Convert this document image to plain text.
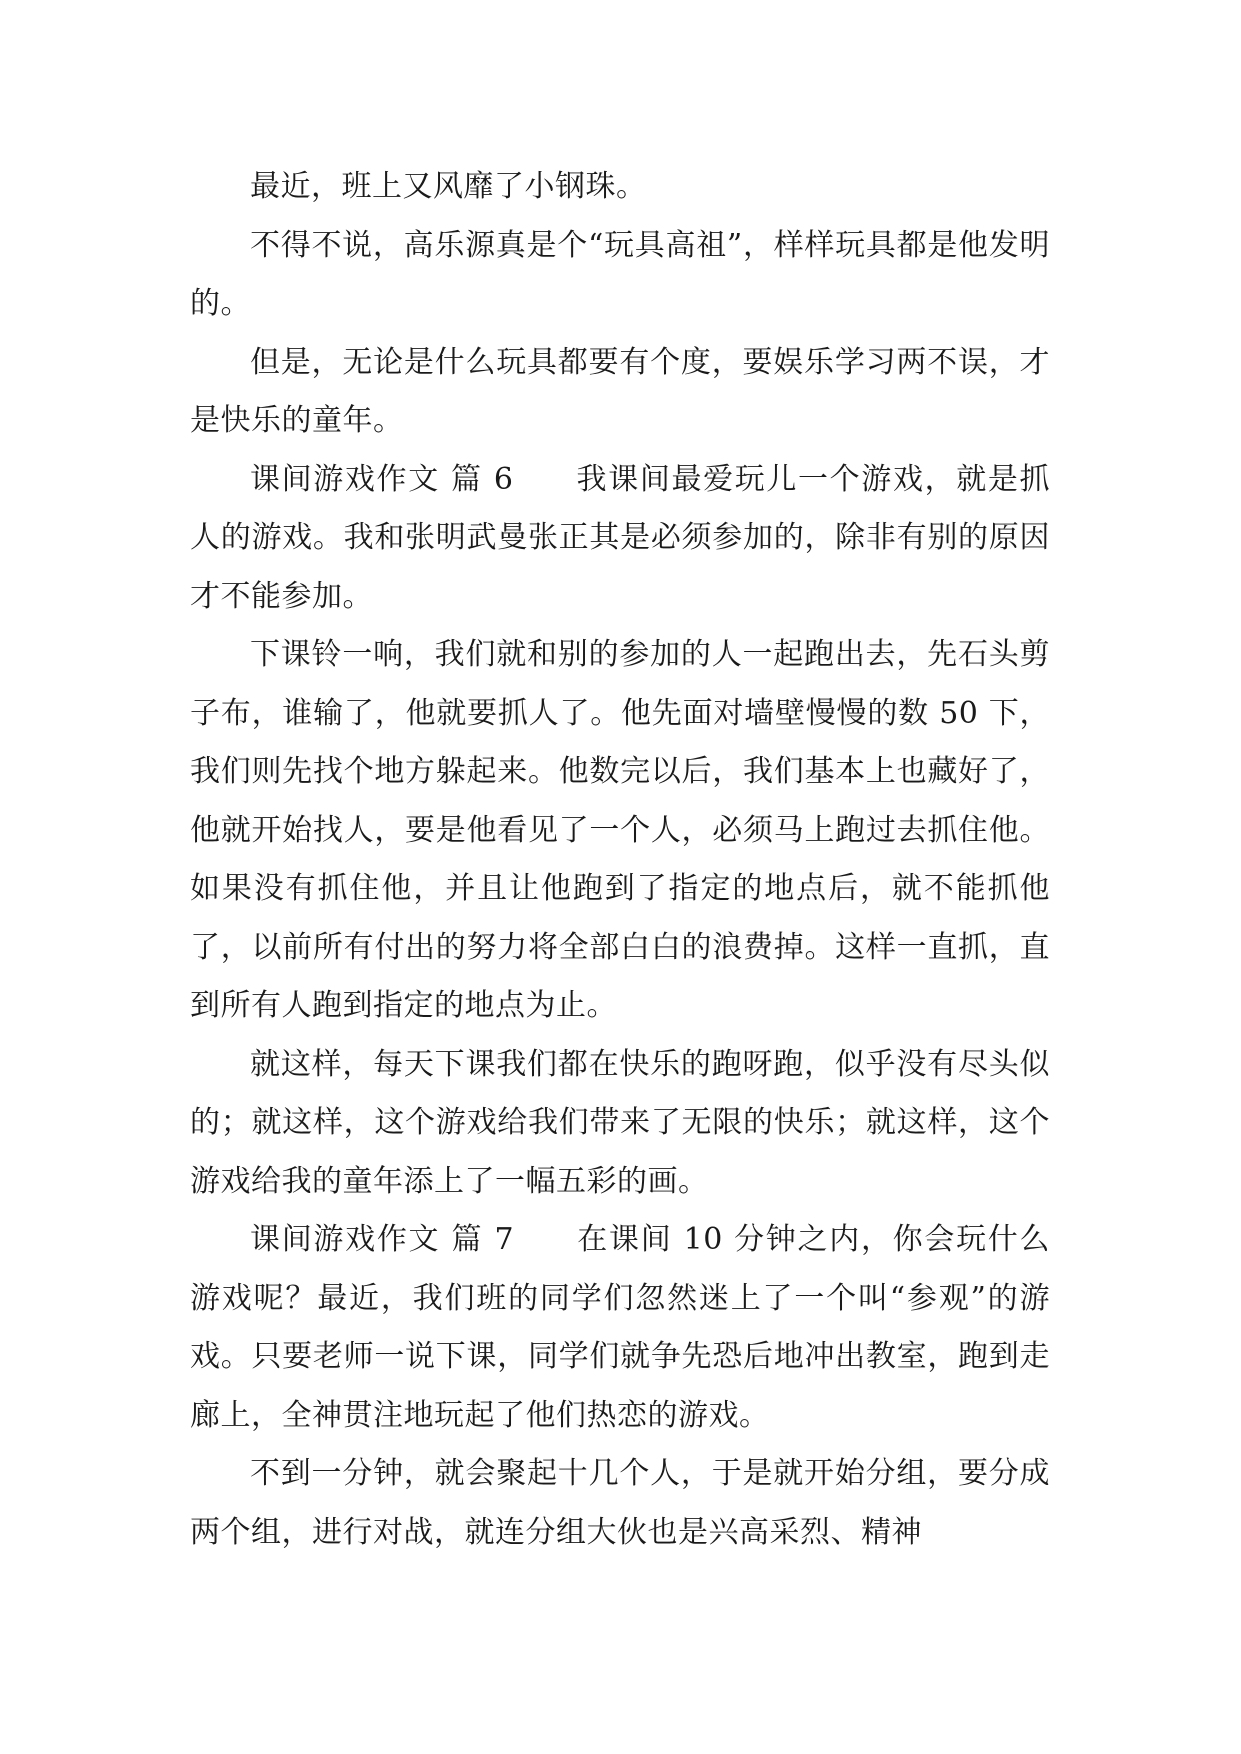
最近，班上又风靡了小钢珠。

不得不说，高乐源真是个“玩具高祖”，样样玩具都是他发明的。

但是，无论是什么玩具都要有个度，要娱乐学习两不误，才是快乐的童年。

课间游戏作文 篇 6 我课间最爱玩儿一个游戏，就是抓人的游戏。我和张明武曼张正其是必须参加的，除非有别的原因才不能参加。

下课铃一响，我们就和别的参加的人一起跑出去，先石头剪子布，谁输了，他就要抓人了。他先面对墙壁慢慢的数 50 下，我们则先找个地方躲起来。他数完以后，我们基本上也藏好了，他就开始找人，要是他看见了一个人，必须马上跑过去抓住他。如果没有抓住他，并且让他跑到了指定的地点后，就不能抓他了，以前所有付出的努力将全部白白的浪费掉。这样一直抓，直到所有人跑到指定的地点为止。

就这样，每天下课我们都在快乐的跑呀跑，似乎没有尽头似的；就这样，这个游戏给我们带来了无限的快乐；就这样，这个游戏给我的童年添上了一幅五彩的画。

课间游戏作文 篇 7 在课间 10 分钟之内，你会玩什么游戏呢？最近，我们班的同学们忽然迷上了一个叫“参观”的游戏。只要老师一说下课，同学们就争先恐后地冲出教室，跑到走廊上，全神贯注地玩起了他们热恋的游戏。

不到一分钟，就会聚起十几个人，于是就开始分组，要分成两个组，进行对战，就连分组大伙也是兴高采烈、精神
